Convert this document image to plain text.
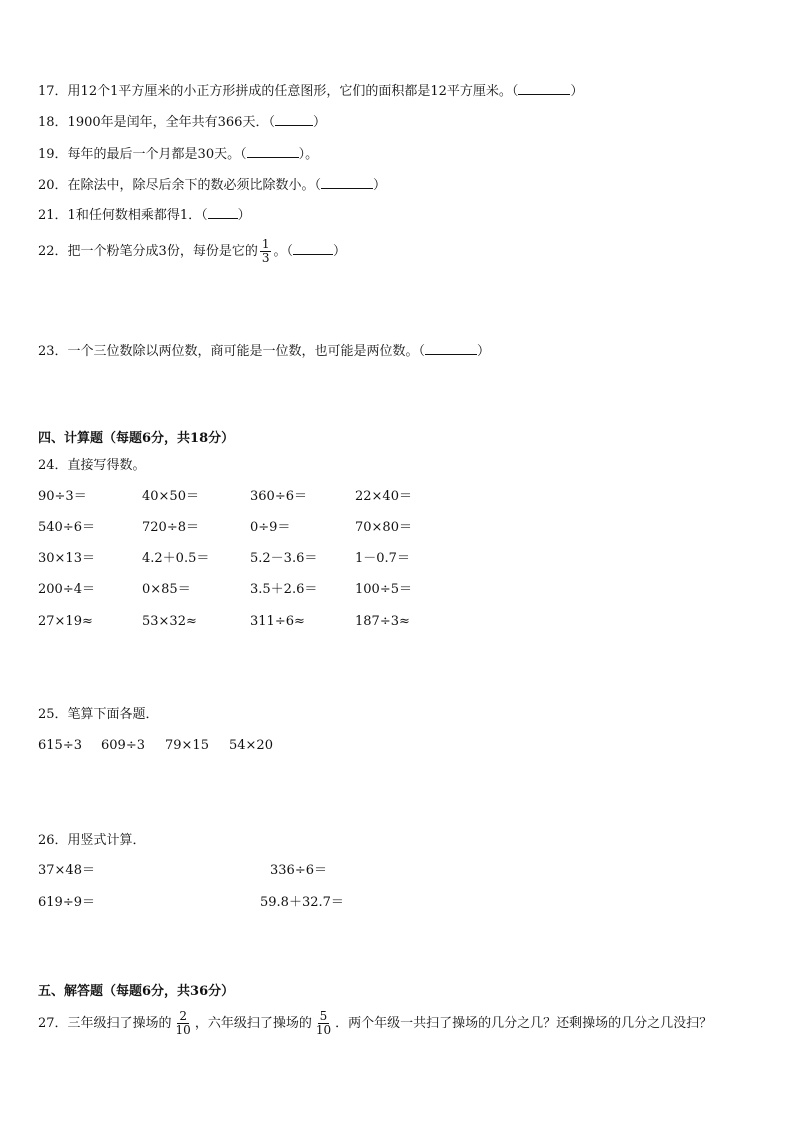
17．用12个1平方厘米的小正方形拼成的任意图形，它们的面积都是12平方厘米。（	）
18．1900年是闰年，全年共有366天．（	）
19．每年的最后一个月都是30天。（	）。
20．在除法中，除尽后余下的数必须比除数小。（	）
21．1和任何数相乘都得1．（ ）
22．把一个粉笔分成3份，每份是它的 $\frac{1}{3}$ 。（	）
23．一个三位数除以两位数，商可能是一位数，也可能是两位数。（	）
四、计算题（每题6分，共18分）
24．直接写得数。
90÷3＝	40×50＝	360÷6＝	22×40＝
540÷6＝	720÷8＝	0÷9＝	70×80＝
30×13＝	4.2＋0.5＝	5.2－3.6＝	1－0.7＝
200÷4＝	0×85＝	3.5＋2.6＝	100÷5＝
27×19≈	53×32≈	311÷6≈	187÷3≈
25．笔算下面各题．
615÷3 609÷3 79×15 54×20
26．用竖式计算．
37×48＝	336÷6＝
619÷9＝	59.8＋32.7＝
五、解答题（每题6分，共36分）
27．三年级扫了操场的 $\frac{2}{10}$ ，六年级扫了操场的 $\frac{5}{10}$ ．两个年级一共扫了操场的几分之几？还剩操场的几分之几没扫？
